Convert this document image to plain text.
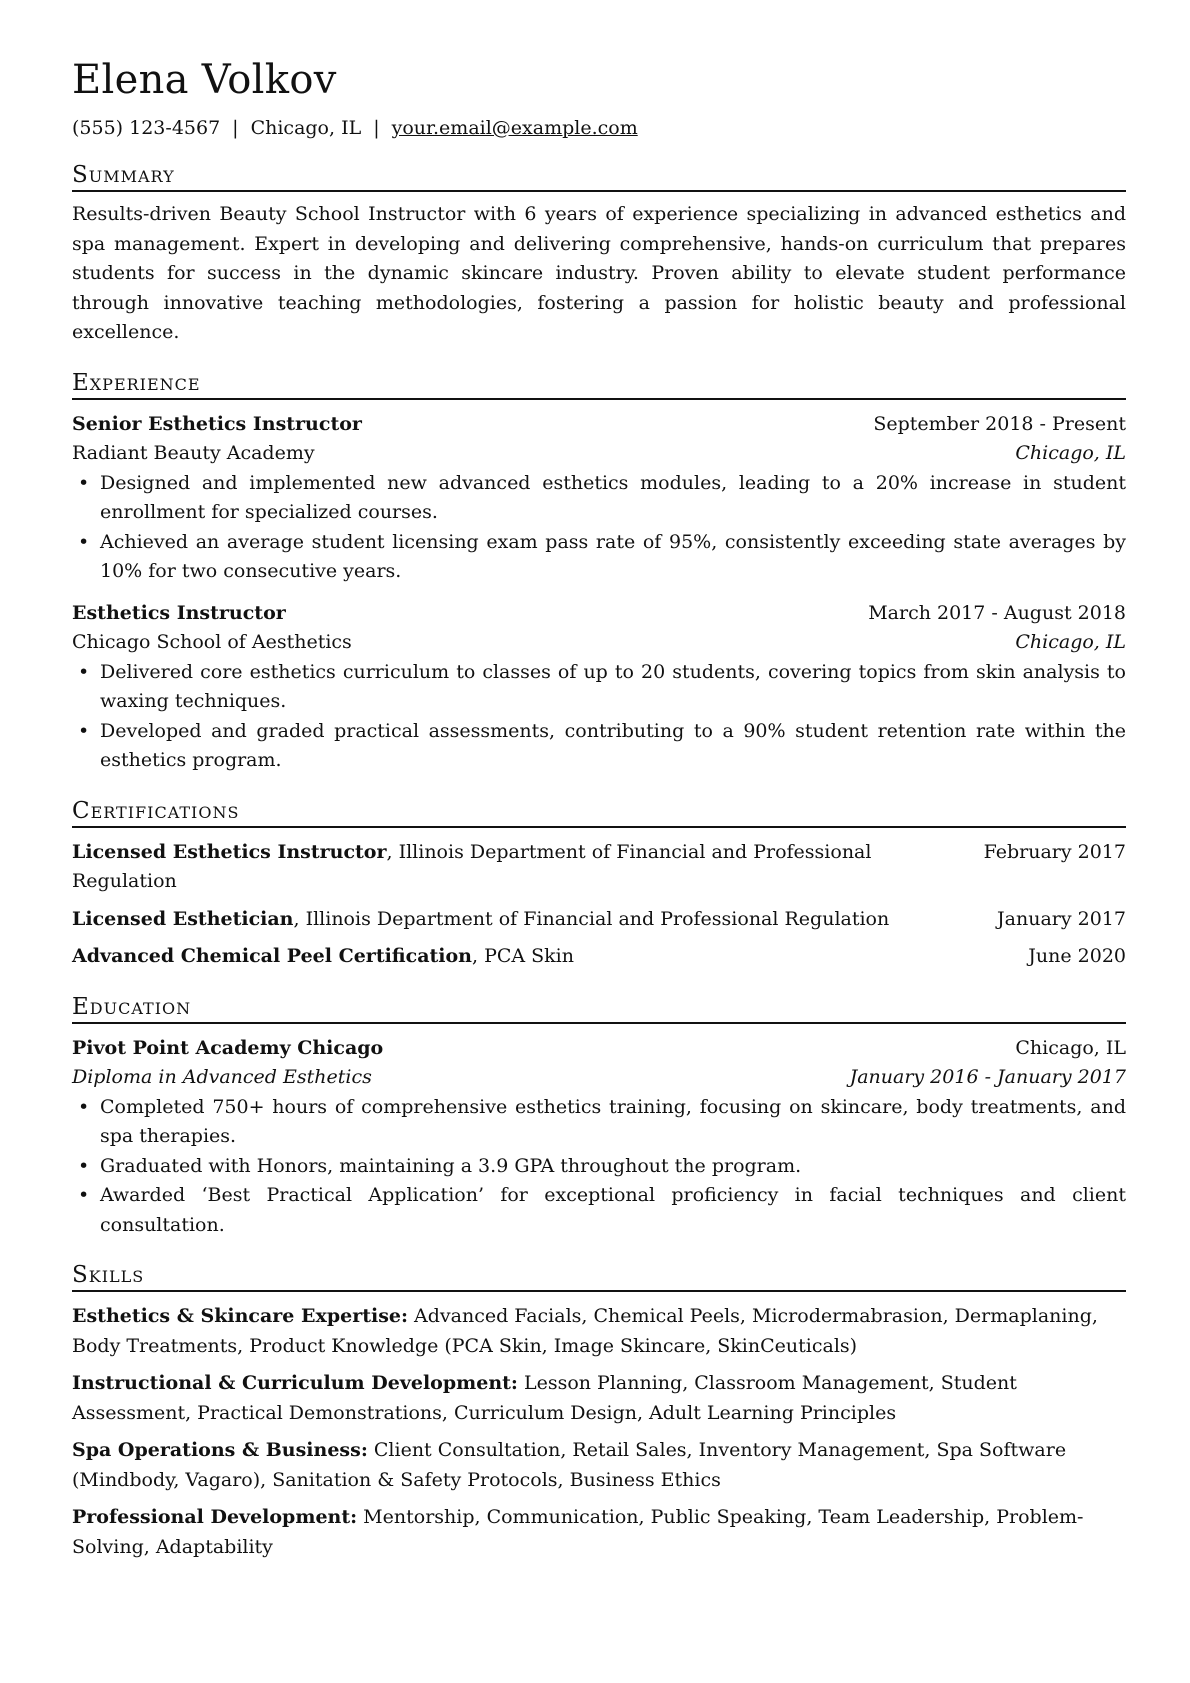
Elena Volkov
(555) 123-4567 | Chicago, IL | your.email@example.com
Summary
Results-driven Beauty School Instructor with 6 years of experience specializing in advanced esthetics and spa management. Expert in developing and delivering comprehensive, hands-on curriculum that prepares students for success in the dynamic skincare industry. Proven ability to elevate student performance through innovative teaching methodologies, fostering a passion for holistic beauty and professional excellence.
Experience
Senior Esthetics Instructor	September 2018 - Present
Radiant Beauty Academy	Chicago, IL
• Designed and implemented new advanced esthetics modules, leading to a 20% increase in student enrollment for specialized courses.
• Achieved an average student licensing exam pass rate of 95%, consistently exceeding state averages by 10% for two consecutive years.
Esthetics Instructor	March 2017 - August 2018
Chicago School of Aesthetics	Chicago, IL
• Delivered core esthetics curriculum to classes of up to 20 students, covering topics from skin analysis to waxing techniques.
• Developed and graded practical assessments, contributing to a 90% student retention rate within the esthetics program.
Certifications
Licensed Esthetics Instructor, Illinois Department of Financial and Professional Regulation
February 2017
Licensed Esthetician, Illinois Department of Financial and Professional Regulation	January 2017
Advanced Chemical Peel Certification, PCA Skin	June 2020
Education
Pivot Point Academy Chicago	Chicago, IL
Diploma in Advanced Esthetics	January 2016 - January 2017
• Completed 750+ hours of comprehensive esthetics training, focusing on skincare, body treatments, and spa therapies.
• Graduated with Honors, maintaining a 3.9 GPA throughout the program.
• Awarded ‘Best Practical Application’ for exceptional proficiency in facial techniques and client consultation.
Skills
Esthetics & Skincare Expertise: Advanced Facials, Chemical Peels, Microdermabrasion, Dermaplaning, Body Treatments, Product Knowledge (PCA Skin, Image Skincare, SkinCeuticals)
Instructional & Curriculum Development: Lesson Planning, Classroom Management, Student Assessment, Practical Demonstrations, Curriculum Design, Adult Learning Principles
Spa Operations & Business: Client Consultation, Retail Sales, Inventory Management, Spa Software (Mindbody, Vagaro), Sanitation & Safety Protocols, Business Ethics
Professional Development: Mentorship, Communication, Public Speaking, Team Leadership, Problem-Solving, Adaptability
